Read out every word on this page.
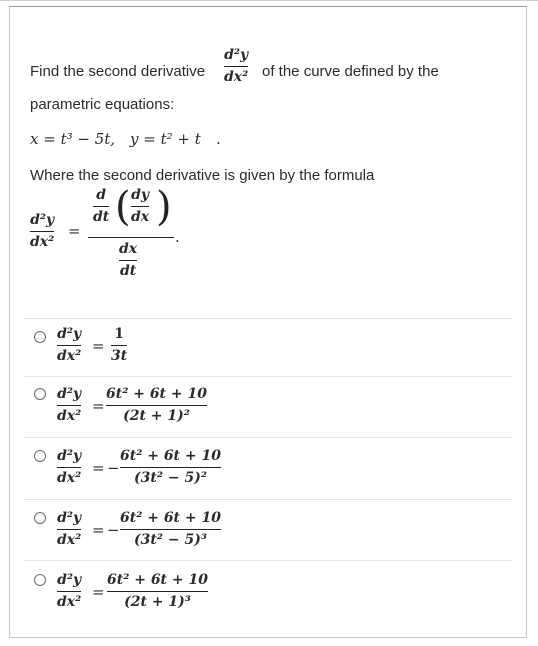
Find the second derivative
d²y
dx² of the curve defined by the
parametric equations:
x = t³ − 5t, y = t² + t .
Where the second derivative is given by the formula
d²y
dx²
=
d
dt ( dy
dx )
dx
dt
.
d²y
dx²
=
1
3t
d²y
dx²
=
6t² + 6t + 10
(2t + 1)²
d²y
dx²
= −
6t² + 6t + 10
(3t² − 5)²
d²y
dx²
= −
6t² + 6t + 10
(3t² − 5)³
d²y
dx²
=
6t² + 6t + 10
(2t + 1)³
